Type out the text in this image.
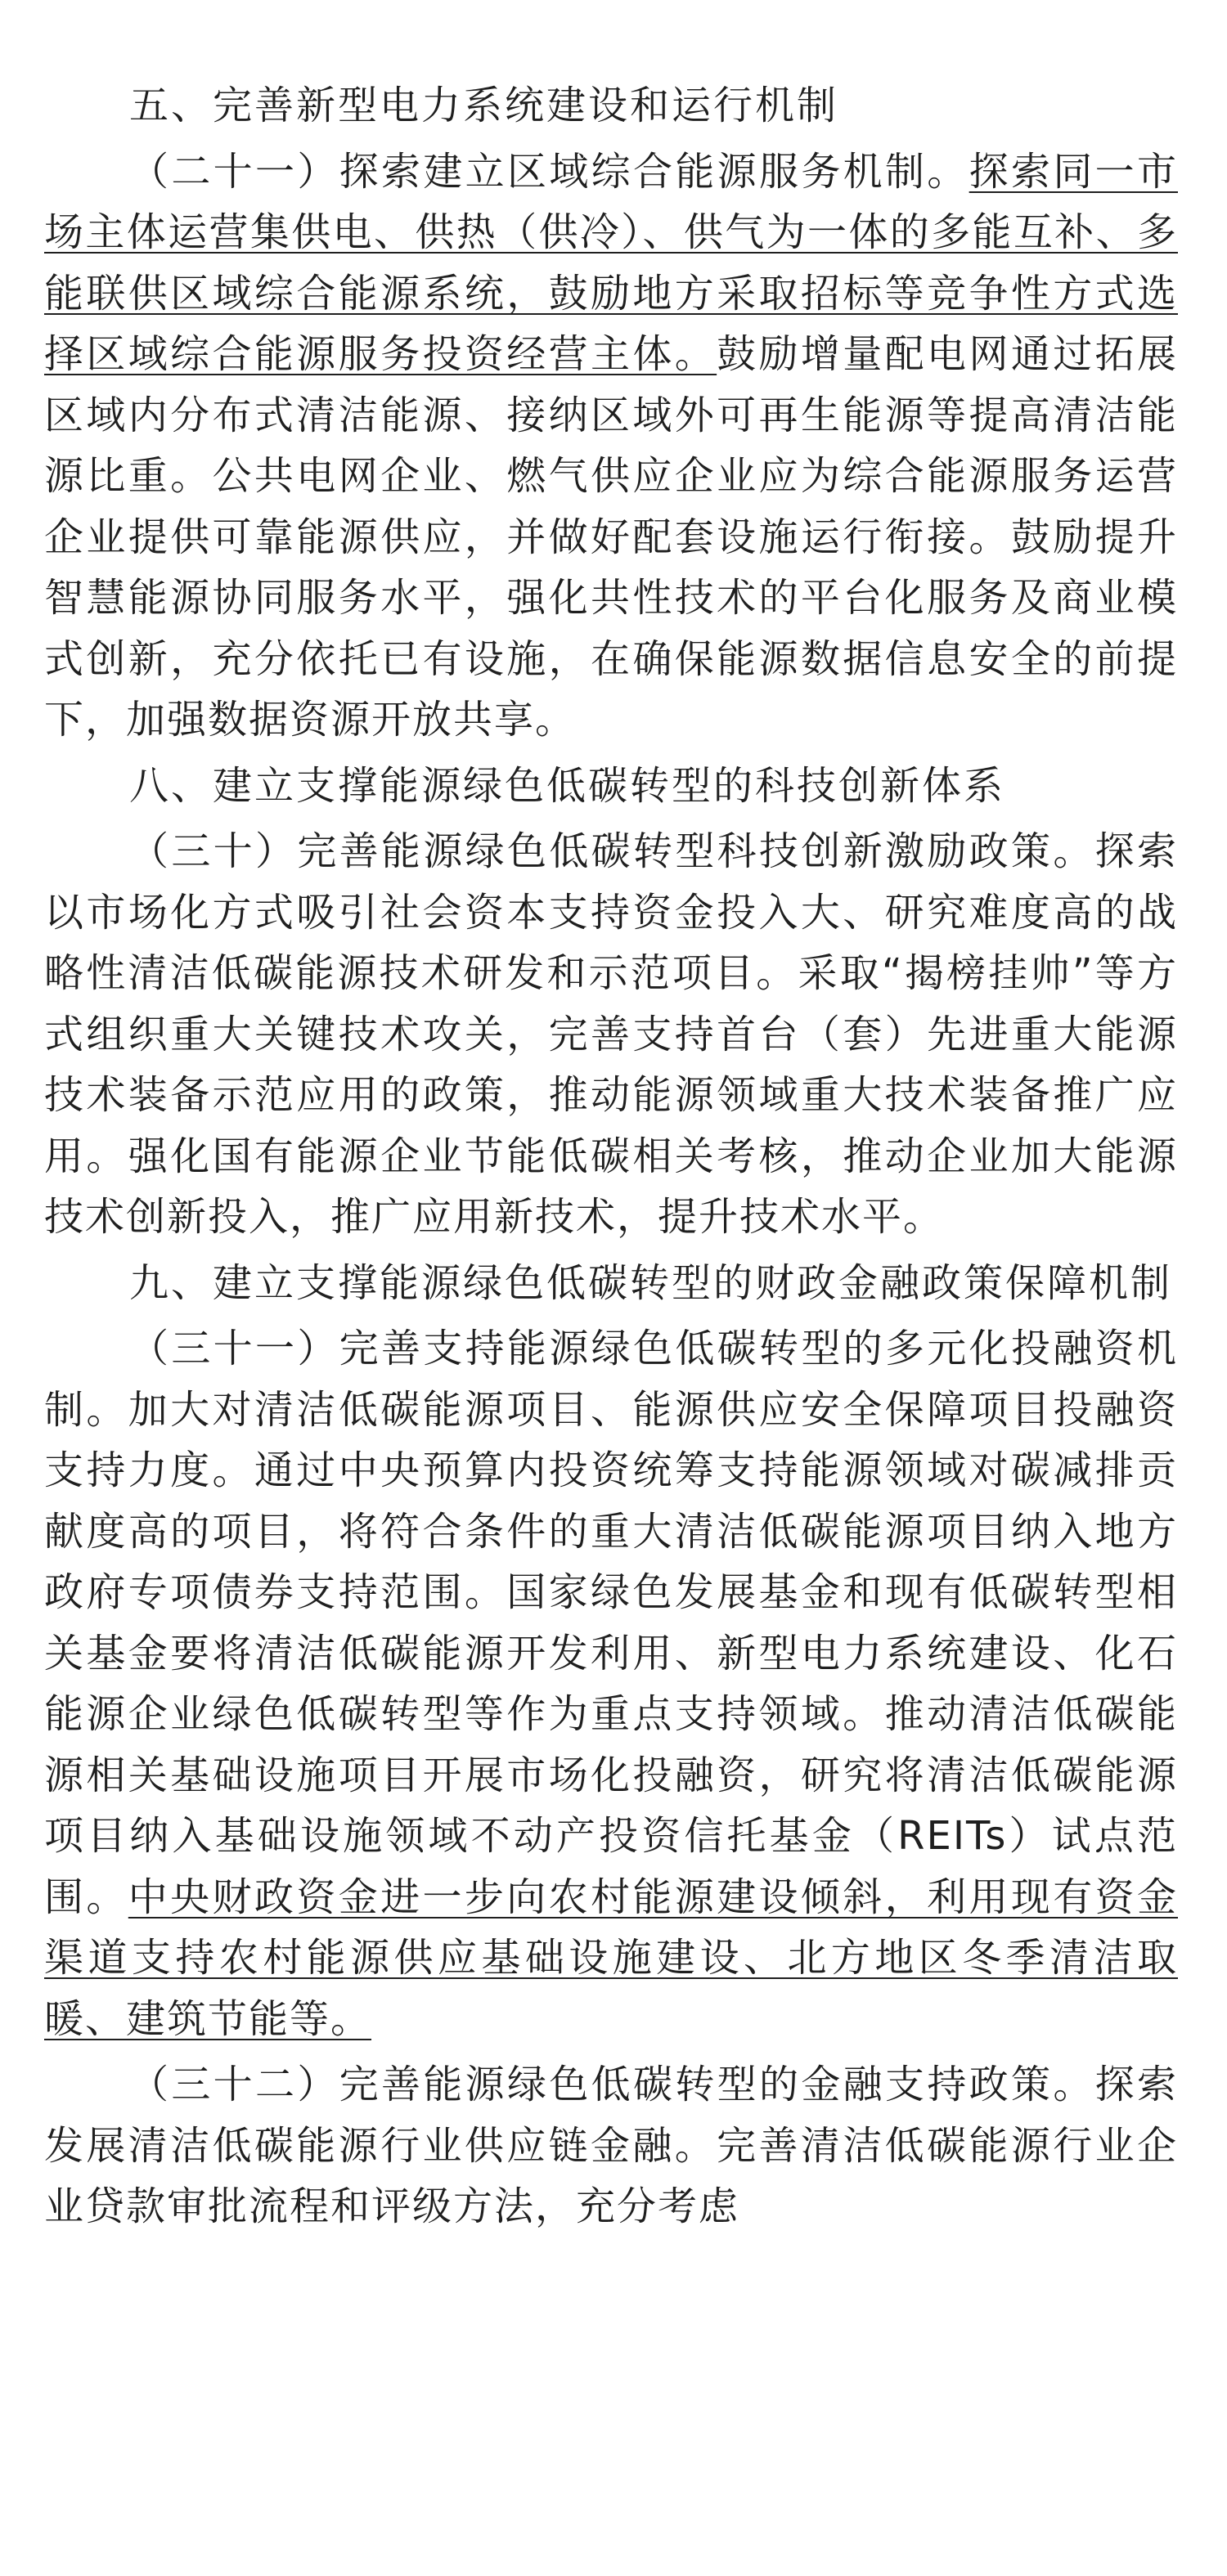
五、完善新型电力系统建设和运行机制
（二十一）探索建立区域综合能源服务机制。探索同一市场主体运营集供电、供热（供冷）、供气为一体的多能互补、多能联供区域综合能源系统，鼓励地方采取招标等竞争性方式选择区域综合能源服务投资经营主体。鼓励增量配电网通过拓展区域内分布式清洁能源、接纳区域外可再生能源等提高清洁能源比重。公共电网企业、燃气供应企业应为综合能源服务运营企业提供可靠能源供应，并做好配套设施运行衔接。鼓励提升智慧能源协同服务水平，强化共性技术的平台化服务及商业模式创新，充分依托已有设施，在确保能源数据信息安全的前提下，加强数据资源开放共享。
八、建立支撑能源绿色低碳转型的科技创新体系
（三十）完善能源绿色低碳转型科技创新激励政策。探索以市场化方式吸引社会资本支持资金投入大、研究难度高的战略性清洁低碳能源技术研发和示范项目。采取“揭榜挂帅”等方式组织重大关键技术攻关，完善支持首台（套）先进重大能源技术装备示范应用的政策，推动能源领域重大技术装备推广应用。强化国有能源企业节能低碳相关考核，推动企业加大能源技术创新投入，推广应用新技术，提升技术水平。
九、建立支撑能源绿色低碳转型的财政金融政策保障机制
（三十一）完善支持能源绿色低碳转型的多元化投融资机制。加大对清洁低碳能源项目、能源供应安全保障项目投融资支持力度。通过中央预算内投资统筹支持能源领域对碳减排贡献度高的项目，将符合条件的重大清洁低碳能源项目纳入地方政府专项债券支持范围。国家绿色发展基金和现有低碳转型相关基金要将清洁低碳能源开发利用、新型电力系统建设、化石能源企业绿色低碳转型等作为重点支持领域。推动清洁低碳能源相关基础设施项目开展市场化投融资，研究将清洁低碳能源项目纳入基础设施领域不动产投资信托基金（REITs）试点范围。中央财政资金进一步向农村能源建设倾斜，利用现有资金渠道支持农村能源供应基础设施建设、北方地区冬季清洁取暖、建筑节能等。
（三十二）完善能源绿色低碳转型的金融支持政策。探索发展清洁低碳能源行业供应链金融。完善清洁低碳能源行业企业贷款审批流程和评级方法，充分考虑
